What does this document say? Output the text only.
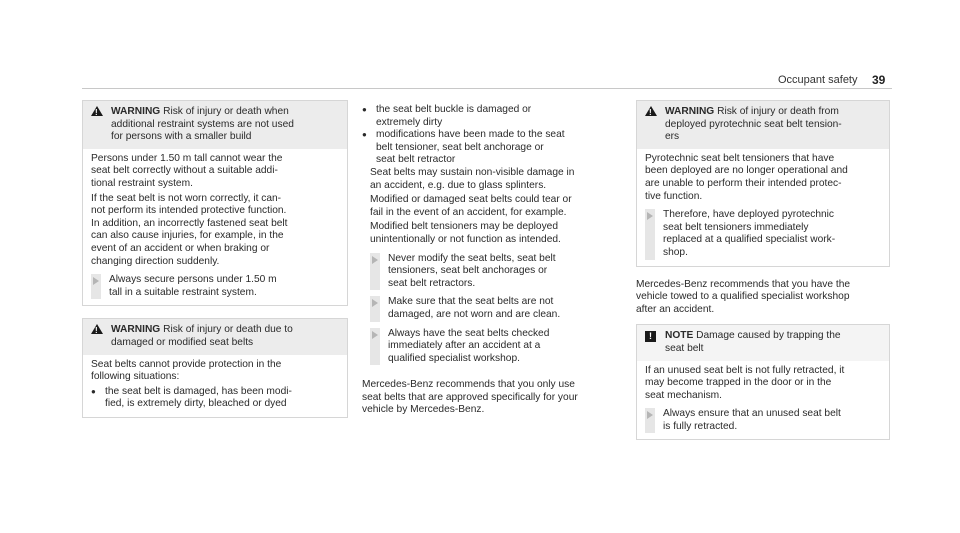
Occupant safety 39
!
WARNING Risk of injury or death when
additional restraint systems are not used
for persons with a smaller build

Persons under 1.50 m tall cannot wear the
seat belt correctly without a suitable addi-
tional restraint system.

If the seat belt is not worn correctly, it can-
not perform its intended protective function.
In addition, an incorrectly fastened seat belt
can also cause injuries, for example, in the
event of an accident or when braking or
changing direction suddenly.

Always secure persons under 1.50 m
tall in a suitable restraint system.
!
WARNING Risk of injury or death due to
damaged or modified seat belts

Seat belts cannot provide protection in the
following situations:

● the seat belt is damaged, has been modi-
fied, is extremely dirty, bleached or dyed
● the seat belt buckle is damaged or
extremely dirty
● modifications have been made to the seat
belt tensioner, seat belt anchorage or
seat belt retractor

Seat belts may sustain non-visible damage in
an accident, e.g. due to glass splinters.

Modified or damaged seat belts could tear or
fail in the event of an accident, for example.

Modified belt tensioners may be deployed
unintentionally or not function as intended.

Never modify the seat belts, seat belt
tensioners, seat belt anchorages or
seat belt retractors.
Make sure that the seat belts are not
damaged, are not worn and are clean.
Always have the seat belts checked
immediately after an accident at a
qualified specialist workshop.

Mercedes-Benz recommends that you only use
seat belts that are approved specifically for your
vehicle by Mercedes-Benz.

!
WARNING Risk of injury or death from
deployed pyrotechnic seat belt tension-
ers

Pyrotechnic seat belt tensioners that have
been deployed are no longer operational and
are unable to perform their intended protec-
tive function.

Therefore, have deployed pyrotechnic
seat belt tensioners immediately
replaced at a qualified specialist work-
shop.

Mercedes-Benz recommends that you have the
vehicle towed to a qualified specialist workshop
after an accident.

!	NOTE Damage caused by trapping the
seat belt

If an unused seat belt is not fully retracted, it
may become trapped in the door or in the
seat mechanism.

Always ensure that an unused seat belt
is fully retracted.
